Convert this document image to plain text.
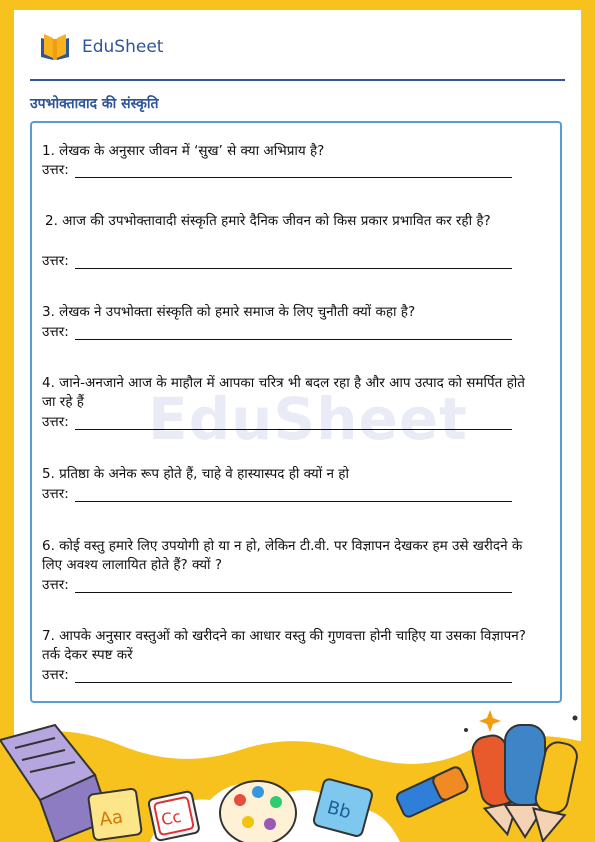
EduSheet
उपभोक्तावाद की संस्कृति
EduSheet
1. लेखक के अनुसार जीवन में ‘सुख’ से क्या अभिप्राय है?
उत्तर:
2. आज की उपभोक्तावादी संस्कृति हमारे दैनिक जीवन को किस प्रकार प्रभावित कर रही है?
उत्तर:
3. लेखक ने उपभोक्ता संस्कृति को हमारे समाज के लिए चुनौती क्यों कहा है?
उत्तर:
4. जाने-अनजाने आज के माहौल में आपका चरित्र भी बदल रहा है और आप उत्पाद को समर्पित होते जा रहे हैं
उत्तर:
5. प्रतिष्ठा के अनेक रूप होते हैं, चाहे वे हास्यास्पद ही क्यों न हो
उत्तर:
6. कोई वस्तु हमारे लिए उपयोगी हो या न हो, लेकिन टी.वी. पर विज्ञापन देखकर हम उसे खरीदने के लिए अवश्य लालायित होते हैं? क्यों ?
उत्तर:
7. आपके अनुसार वस्तुओं को खरीदने का आधार वस्तु की गुणवत्ता होनी चाहिए या उसका विज्ञापन? तर्क देकर स्पष्ट करें
उत्तर:
Aa Cc	Bb
